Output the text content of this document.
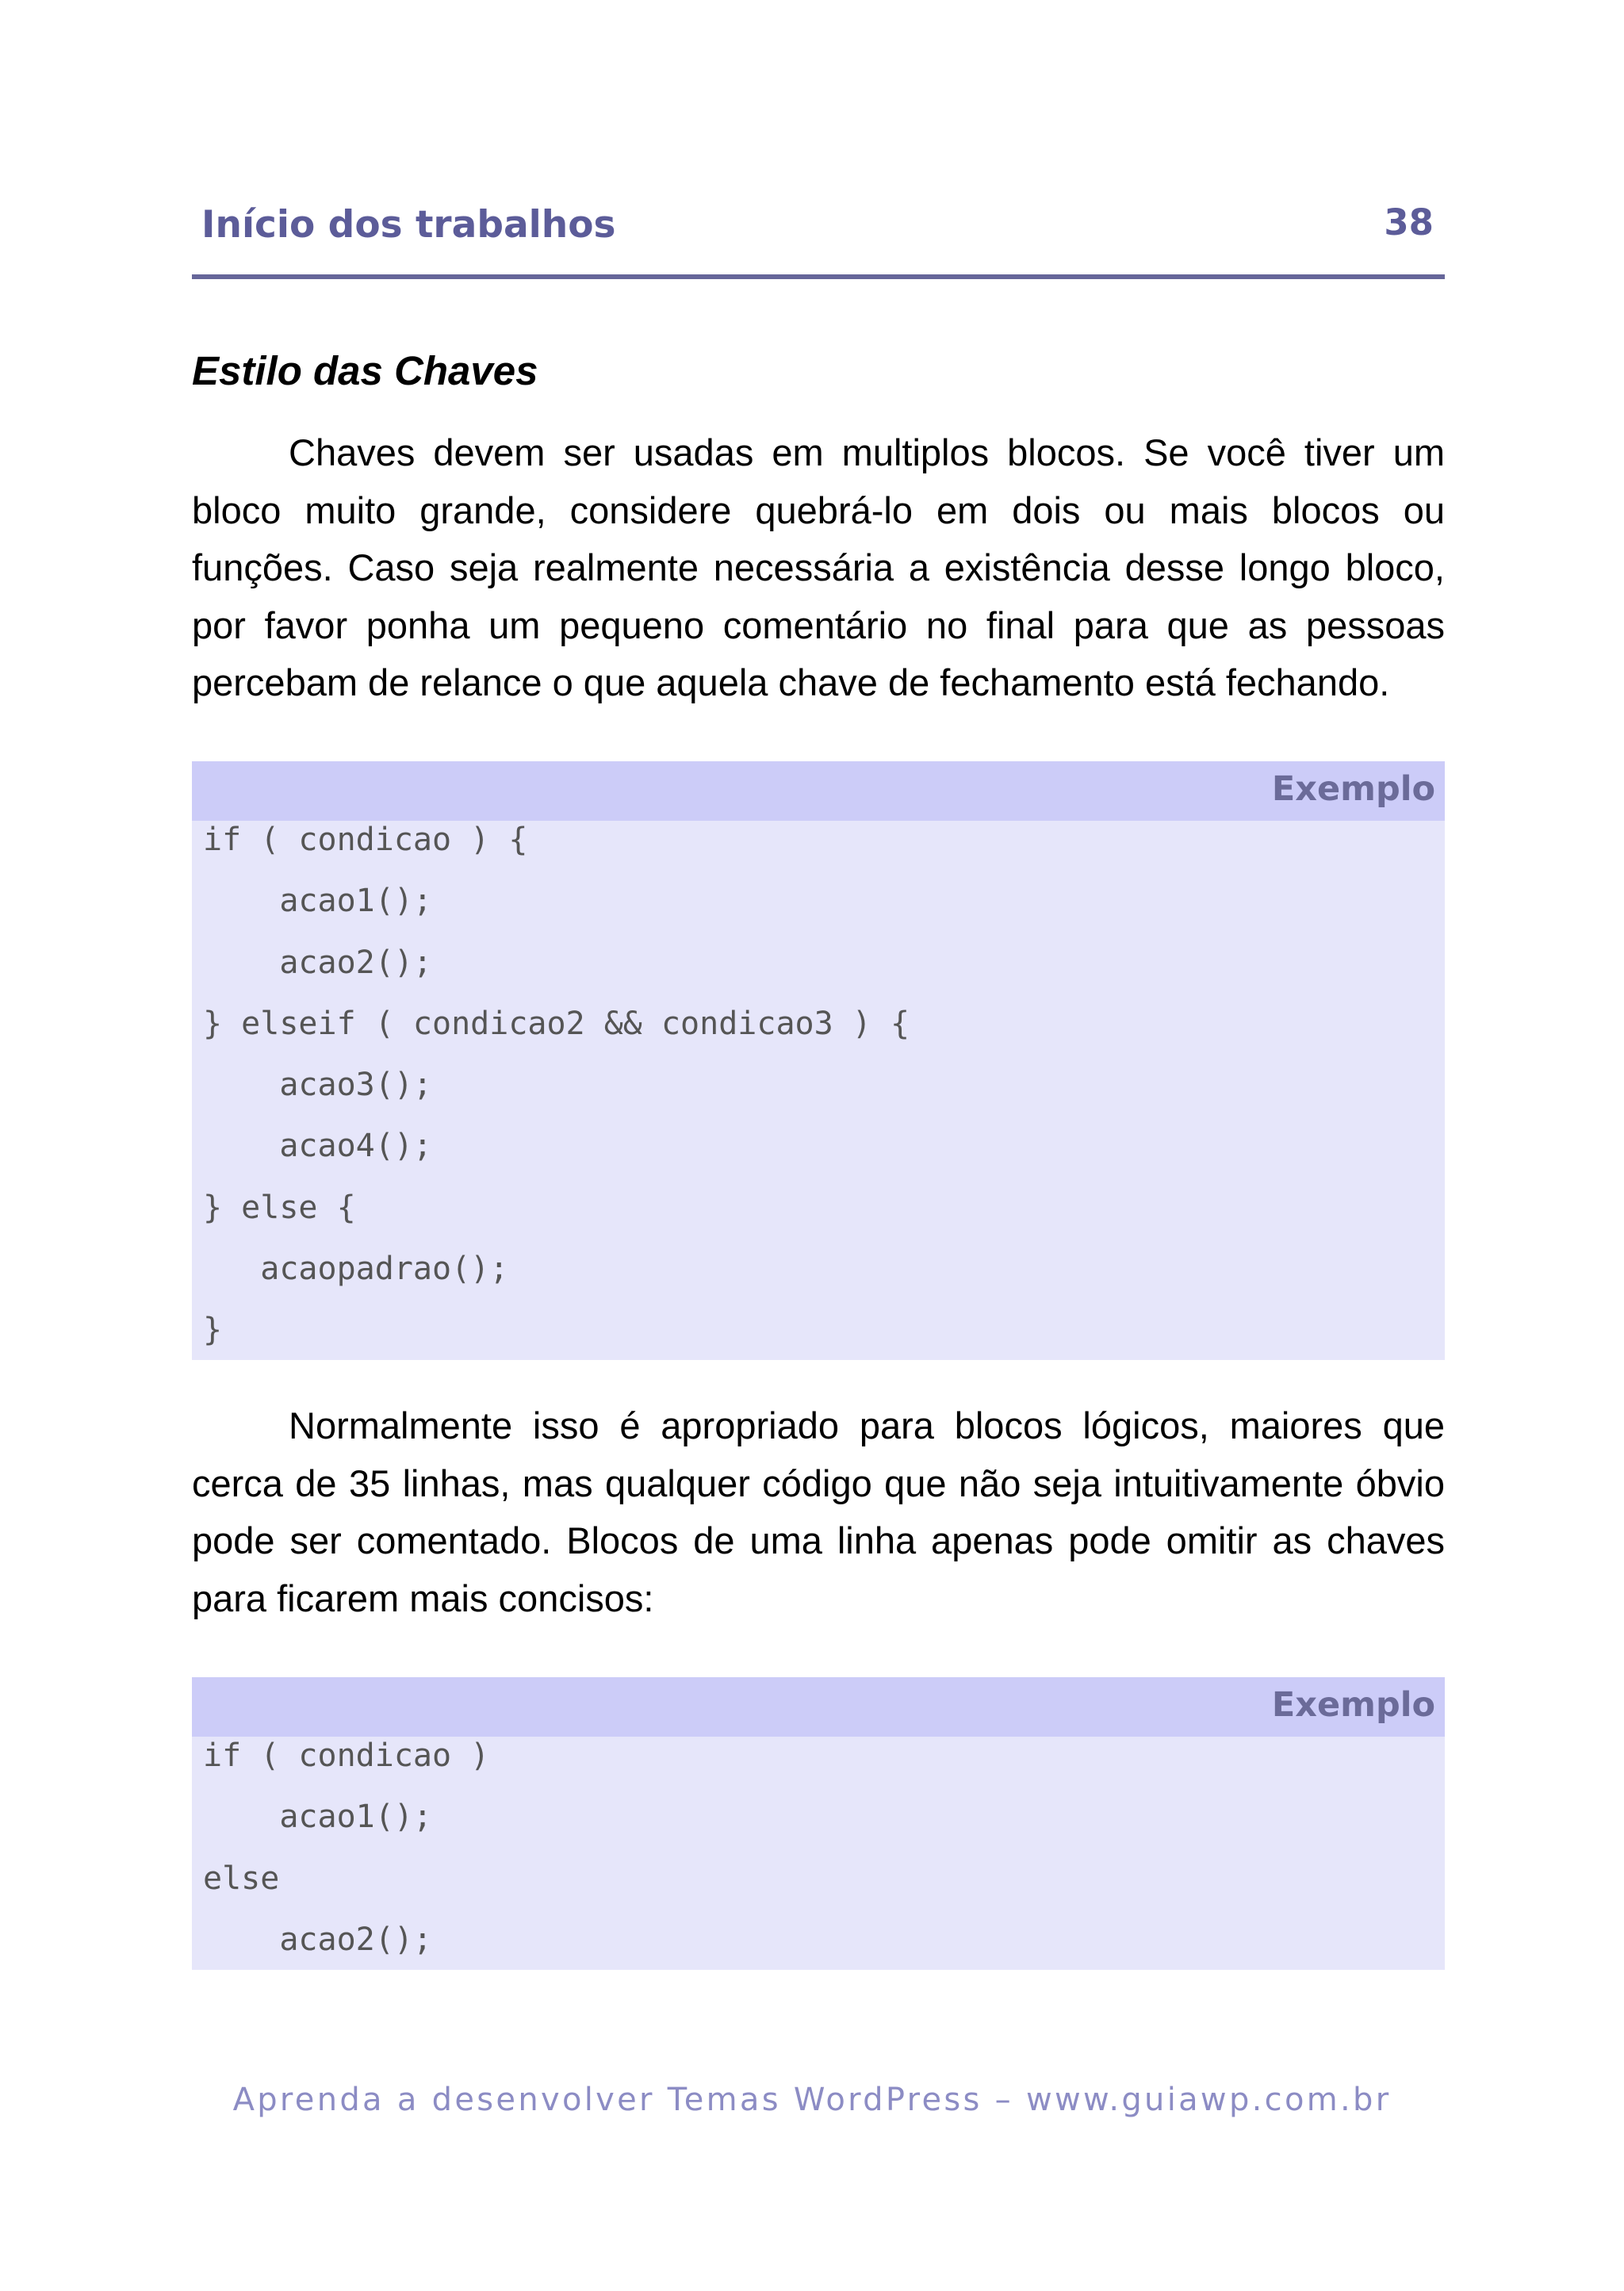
Início dos trabalhos	38
Estilo das Chaves

Chaves devem ser usadas em multiplos blocos. Se você tiver um bloco muito grande, considere quebrá-lo em dois ou mais blocos ou funções. Caso seja realmente necessária a existência desse longo bloco, por favor ponha um pequeno comentário no final para que as pessoas percebam de relance o que aquela chave de fechamento está fechando.

Exemplo
if ( condicao ) {
acao1();
acao2();
} elseif ( condicao2 && condicao3 ) {
acao3();
acao4();
} else {
acaopadrao();
}

Normalmente isso é apropriado para blocos lógicos, maiores que cerca de 35 linhas, mas qualquer código que não seja intuitivamente óbvio pode ser comentado. Blocos de uma linha apenas pode omitir as chaves para ficarem mais concisos:

Exemplo
if ( condicao )
acao1();
else
acao2();
Aprenda a desenvolver Temas WordPress – www.guiawp.com.br
